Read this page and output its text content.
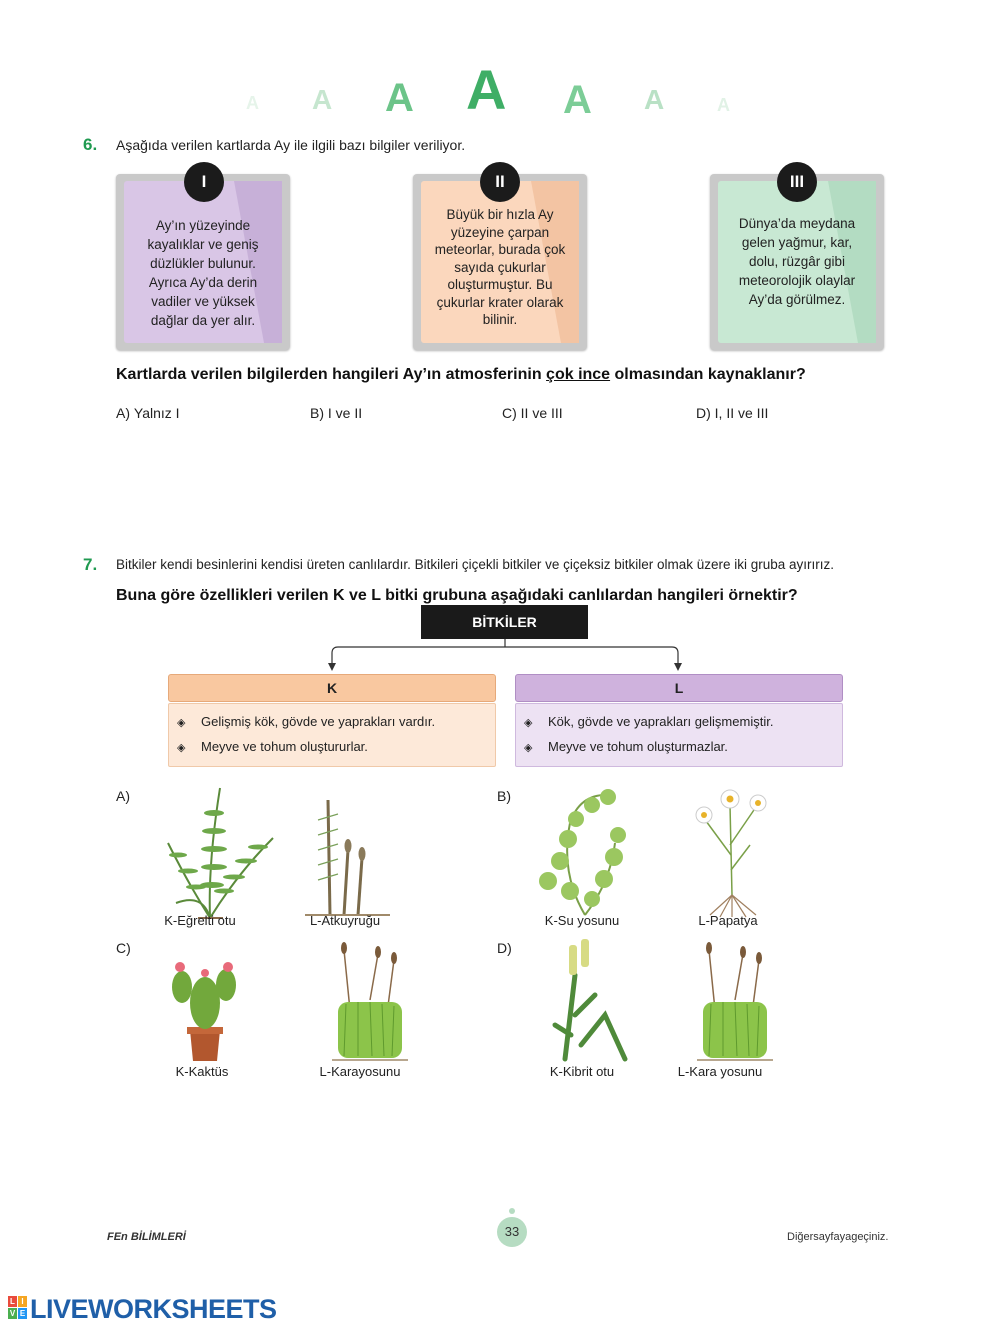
A A A A A A	A
6. Aşağıda verilen kartlarda Ay ile ilgili bazı bilgiler veriliyor.
Ay’ın yüzeyinde
kayalıklar ve geniş
düzlükler bulunur.
Ayrıca Ay’da derin
vadiler ve yüksek
dağlar da yer alır.
I
Büyük bir hızla Ay
yüzeyine çarpan
meteorlar, burada çok
sayıda çukurlar
oluşturmuştur. Bu
çukurlar krater olarak
bilinir.
II
Dünya’da meydana
gelen yağmur, kar,
dolu, rüzgâr gibi
meteorolojik olaylar
Ay’da görülmez.
III
Kartlarda verilen bilgilerden hangileri Ay’ın atmosferinin çok ince olmasından kaynaklanır?
A) Yalnız I	B) I ve II	C) II ve III	D) I, II ve III
7. Bitkiler kendi besinlerini kendisi üreten canlılardır. Bitkileri çiçekli bitkiler ve çiçeksiz bitkiler olmak üzere iki gruba ayırırız.
Buna göre özellikleri verilen K ve L bitki grubuna aşağıdaki canlılardan hangileri örnektir?
BİTKİLER
K
◈ Gelişmiş kök, gövde ve yaprakları vardır.
◈ Meyve ve tohum oluştururlar.
L
◈ Kök, gövde ve yaprakları gelişmemiştir.
◈ Meyve ve tohum oluşturmazlar.
A)
K-Eğrelti otu	L-Atkuyruğu
B)
K-Su yosunu	L-Papatya
C)
K-Kaktüs	L-Karayosunu
D)
K-Kibrit otu	L-Kara yosunu
FEn BİLİMLERİ	33	Diğersayfayageçiniz.
L I
V E LIVEWORKSHEETS
